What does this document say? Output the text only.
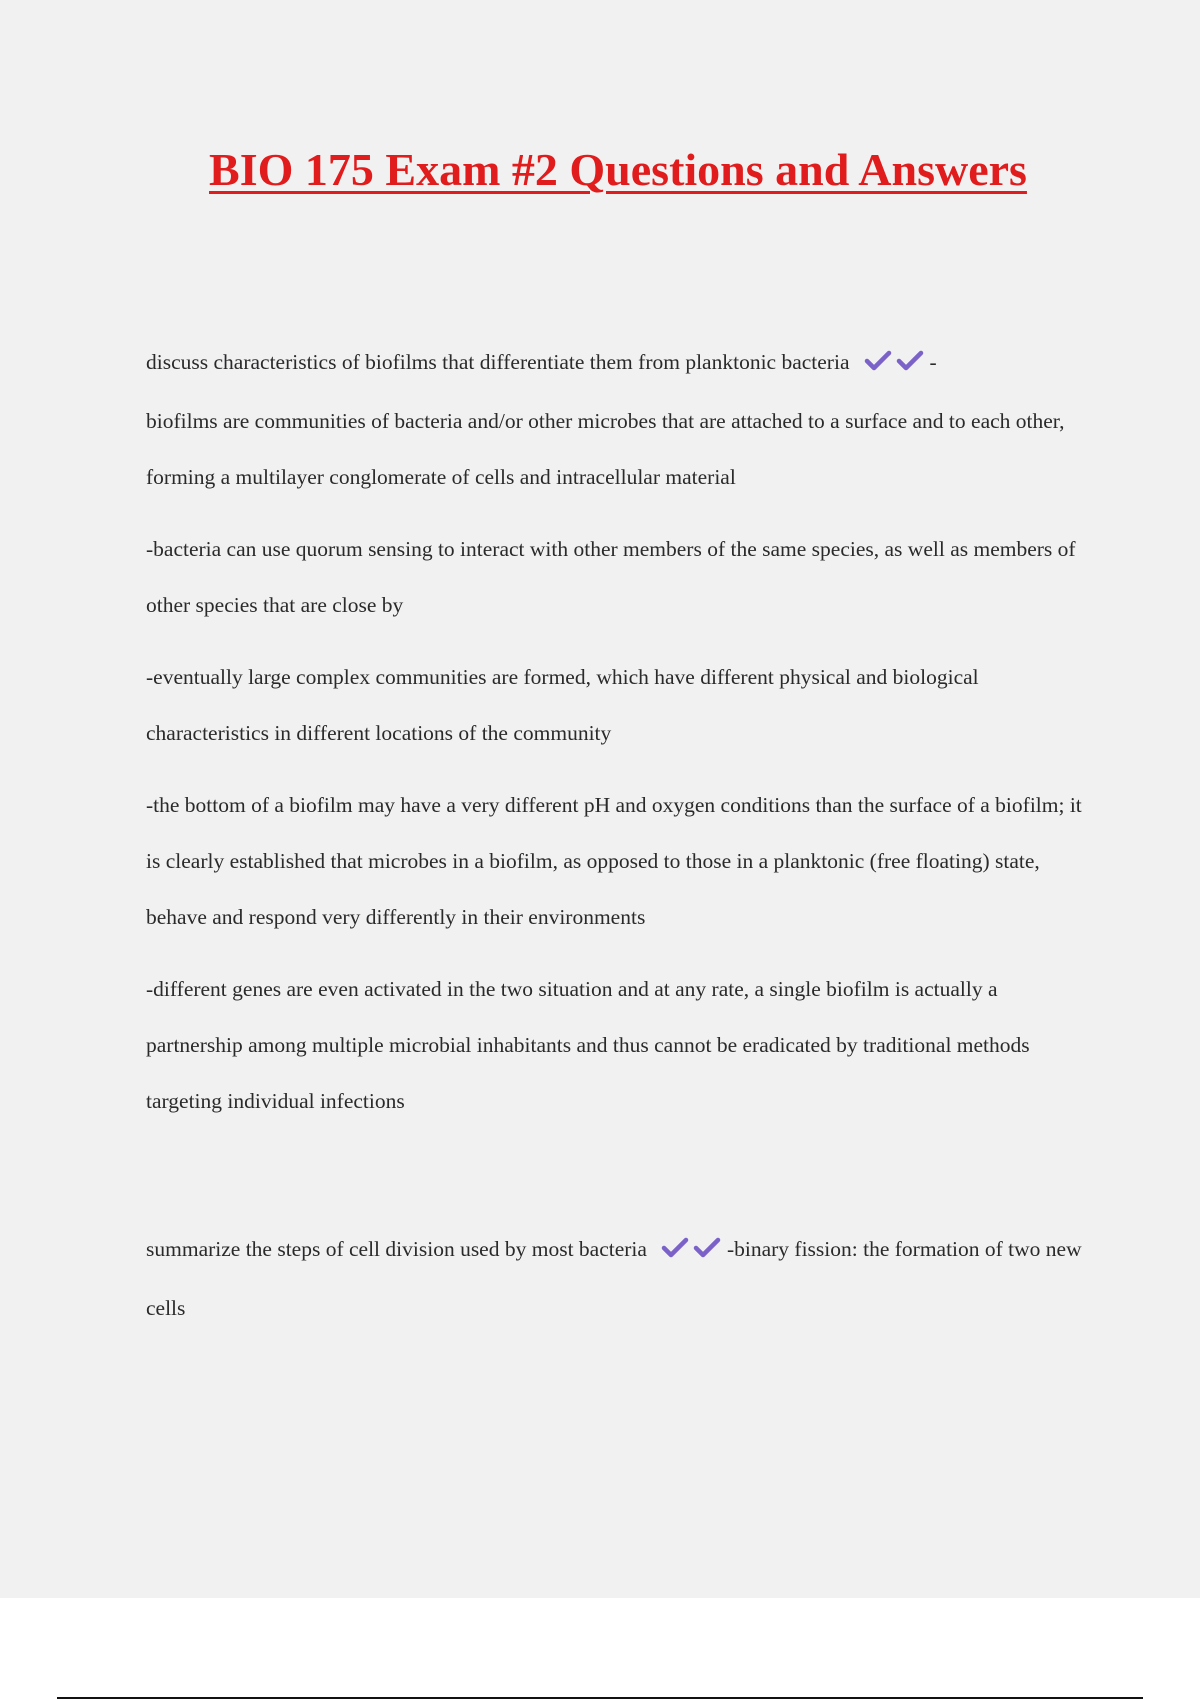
BIO 175 Exam #2 Questions and Answers

discuss characteristics of biofilms that differentiate them from planktonic bacteria	-
biofilms are communities of bacteria and/or other microbes that are attached to a surface and to each other, forming a multilayer conglomerate of cells and intracellular material

-bacteria can use quorum sensing to interact with other members of the same species, as well as members of other species that are close by

-eventually large complex communities are formed, which have different physical and biological characteristics in different locations of the community

-the bottom of a biofilm may have a very different pH and oxygen conditions than the surface of a biofilm; it is clearly established that microbes in a biofilm, as opposed to those in a planktonic (free floating) state, behave and respond very differently in their environments

-different genes are even activated in the two situation and at any rate, a single biofilm is actually a partnership among multiple microbial inhabitants and thus cannot be eradicated by traditional methods targeting individual infections

summarize the steps of cell division used by most bacteria	-binary fission: the formation of two new cells
